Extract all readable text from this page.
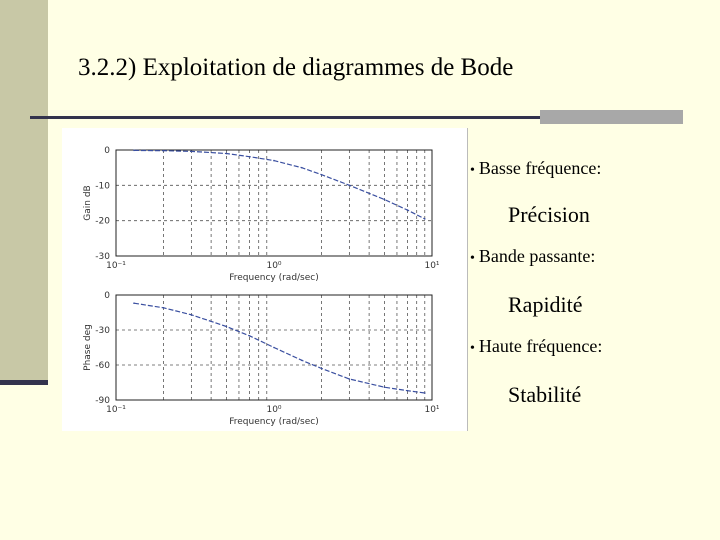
3.2.2) Exploitation de diagrammes de Bode
0
-10
-20
-30
10⁻¹	10⁰	10¹
Frequency (rad/sec)
Gain dB
0
-30
-60
-90
10⁻¹	10⁰	10¹
Frequency (rad/sec)
Phase deg
• Basse fréquence:
Précision
• Bande passante:
Rapidité
• Haute fréquence:
Stabilité
